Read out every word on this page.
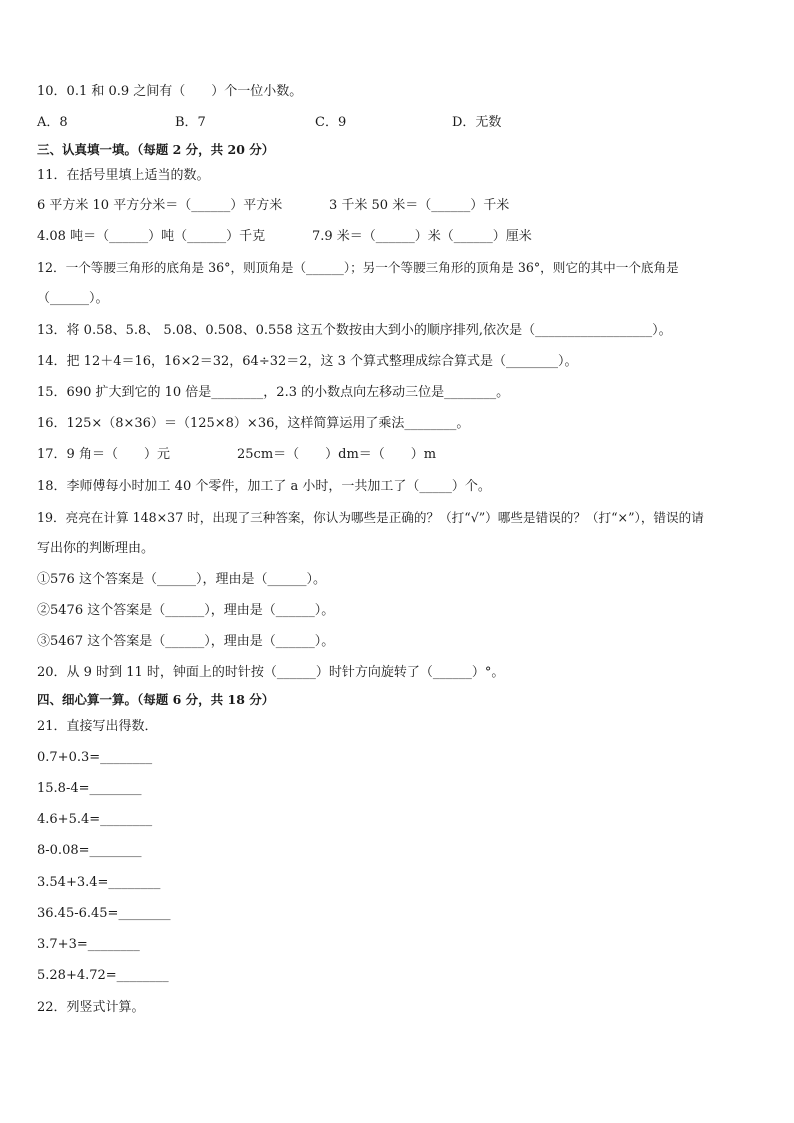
10．0.1 和 0.9 之间有（　　）个一位小数。
A．8	B．7	C．9	D．无数
三、认真填一填。（每题 2 分，共 20 分）
11．在括号里填上适当的数。
6 平方米 10 平方分米＝（______）平方米	3 千米 50 米＝（______）千米
4.08 吨＝（______）吨（______）千克	7.9 米＝（______）米（______）厘米
12．一个等腰三角形的底角是 36°，则顶角是（______）；另一个等腰三角形的顶角是 36°，则它的其中一个底角是
（______）。
13．将 0.58、5.8、 5.08、0.508、0.558 这五个数按由大到小的顺序排列,依次是（__________________）。
14．把 12＋4＝16，16×2＝32，64÷32＝2，这 3 个算式整理成综合算式是（________）。
15．690 扩大到它的 10 倍是________，2.3 的小数点向左移动三位是________。
16．125×（8×36）＝（125×8）×36，这样简算运用了乘法________。
17．9 角＝（　　）元	25cm＝（　　）dm＝（　　）m
18．李师傅每小时加工 40 个零件，加工了 a 小时，一共加工了（_____）个。
19．亮亮在计算 148×37 时，出现了三种答案，你认为哪些是正确的？（打“√”）哪些是错误的？（打“×”），错误的请
写出你的判断理由。
①576 这个答案是（______），理由是（______）。
②5476 这个答案是（______），理由是（______）。
③5467 这个答案是（______），理由是（______）。
20．从 9 时到 11 时，钟面上的时针按（______）时针方向旋转了（______）°。
四、细心算一算。（每题 6 分，共 18 分）
21．直接写出得数．
0.7+0.3=________
15.8-4=________
4.6+5.4=________
8-0.08=________
3.54+3.4=________
36.45-6.45=________
3.7+3=________
5.28+4.72=________
22．列竖式计算。
